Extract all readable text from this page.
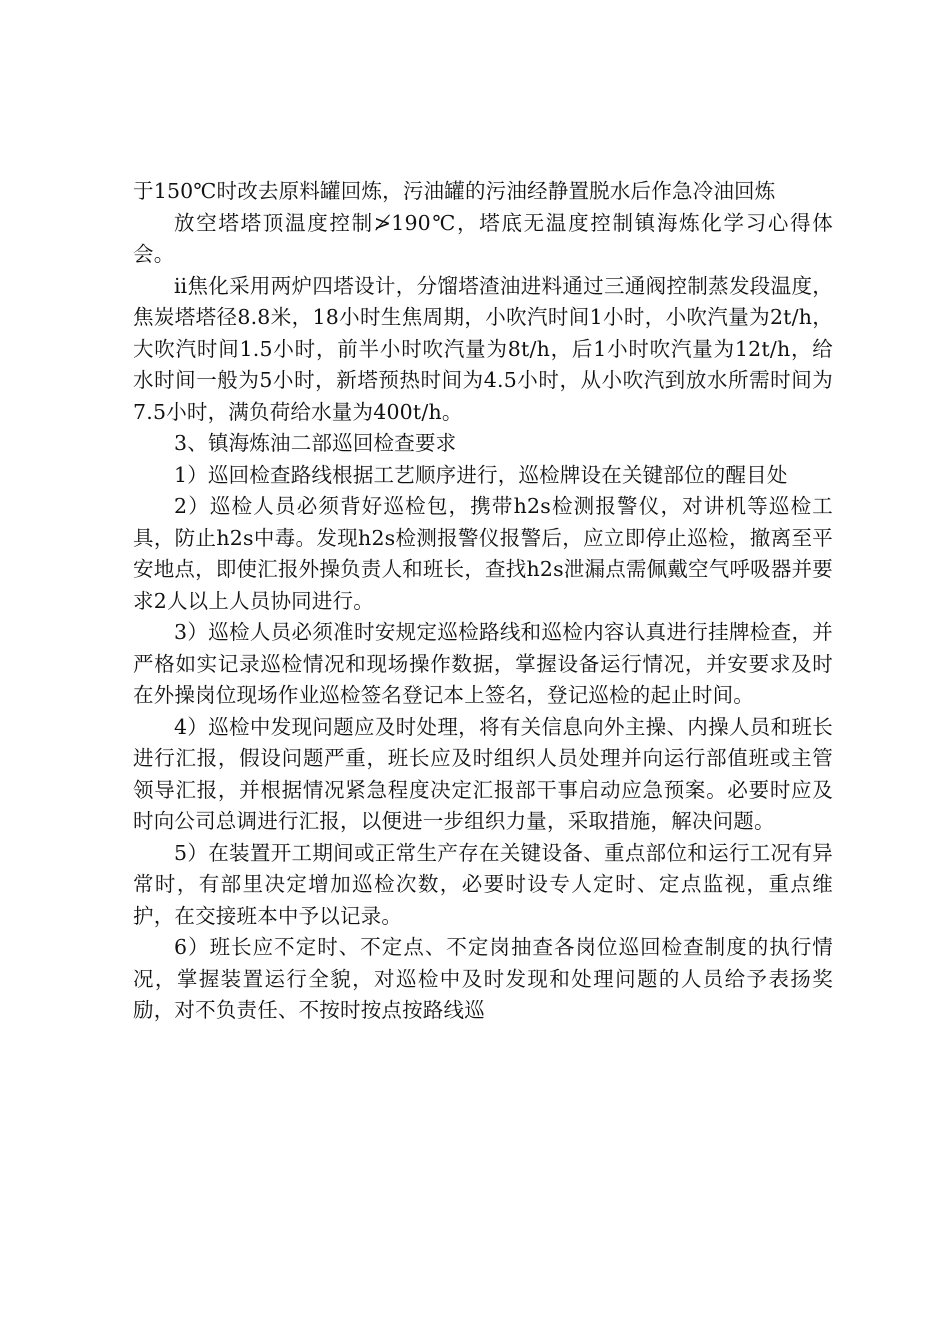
于150℃时改去原料罐回炼，污油罐的污油经静置脱水后作急冷油回炼

放空塔塔顶温度控制≯190℃，塔底无温度控制镇海炼化学习心得体会。

ⅱ焦化采用两炉四塔设计，分馏塔渣油进料通过三通阀控制蒸发段温度，焦炭塔塔径8.8米，18小时生焦周期，小吹汽时间1小时，小吹汽量为2t/h，大吹汽时间1.5小时，前半小时吹汽量为8t/h，后1小时吹汽量为12t/h，给水时间一般为5小时，新塔预热时间为4.5小时，从小吹汽到放水所需时间为7.5小时，满负荷给水量为400t/h。

3、镇海炼油二部巡回检查要求

1）巡回检查路线根据工艺顺序进行，巡检牌设在关键部位的醒目处

2）巡检人员必须背好巡检包，携带h2s检测报警仪，对讲机等巡检工具，防止h2s中毒。发现h2s检测报警仪报警后，应立即停止巡检，撤离至平安地点，即使汇报外操负责人和班长，查找h2s泄漏点需佩戴空气呼吸器并要求2人以上人员协同进行。

3）巡检人员必须准时安规定巡检路线和巡检内容认真进行挂牌检查，并严格如实记录巡检情况和现场操作数据，掌握设备运行情况，并安要求及时在外操岗位现场作业巡检签名登记本上签名，登记巡检的起止时间。

4）巡检中发现问题应及时处理，将有关信息向外主操、内操人员和班长进行汇报，假设问题严重，班长应及时组织人员处理并向运行部值班或主管领导汇报，并根据情况紧急程度决定汇报部干事启动应急预案。必要时应及时向公司总调进行汇报，以便进一步组织力量，采取措施，解决问题。

5）在装置开工期间或正常生产存在关键设备、重点部位和运行工况有异常时，有部里决定增加巡检次数，必要时设专人定时、定点监视，重点维护，在交接班本中予以记录。

6）班长应不定时、不定点、不定岗抽查各岗位巡回检查制度的执行情况，掌握装置运行全貌，对巡检中及时发现和处理问题的人员给予表扬奖励，对不负责任、不按时按点按路线巡
